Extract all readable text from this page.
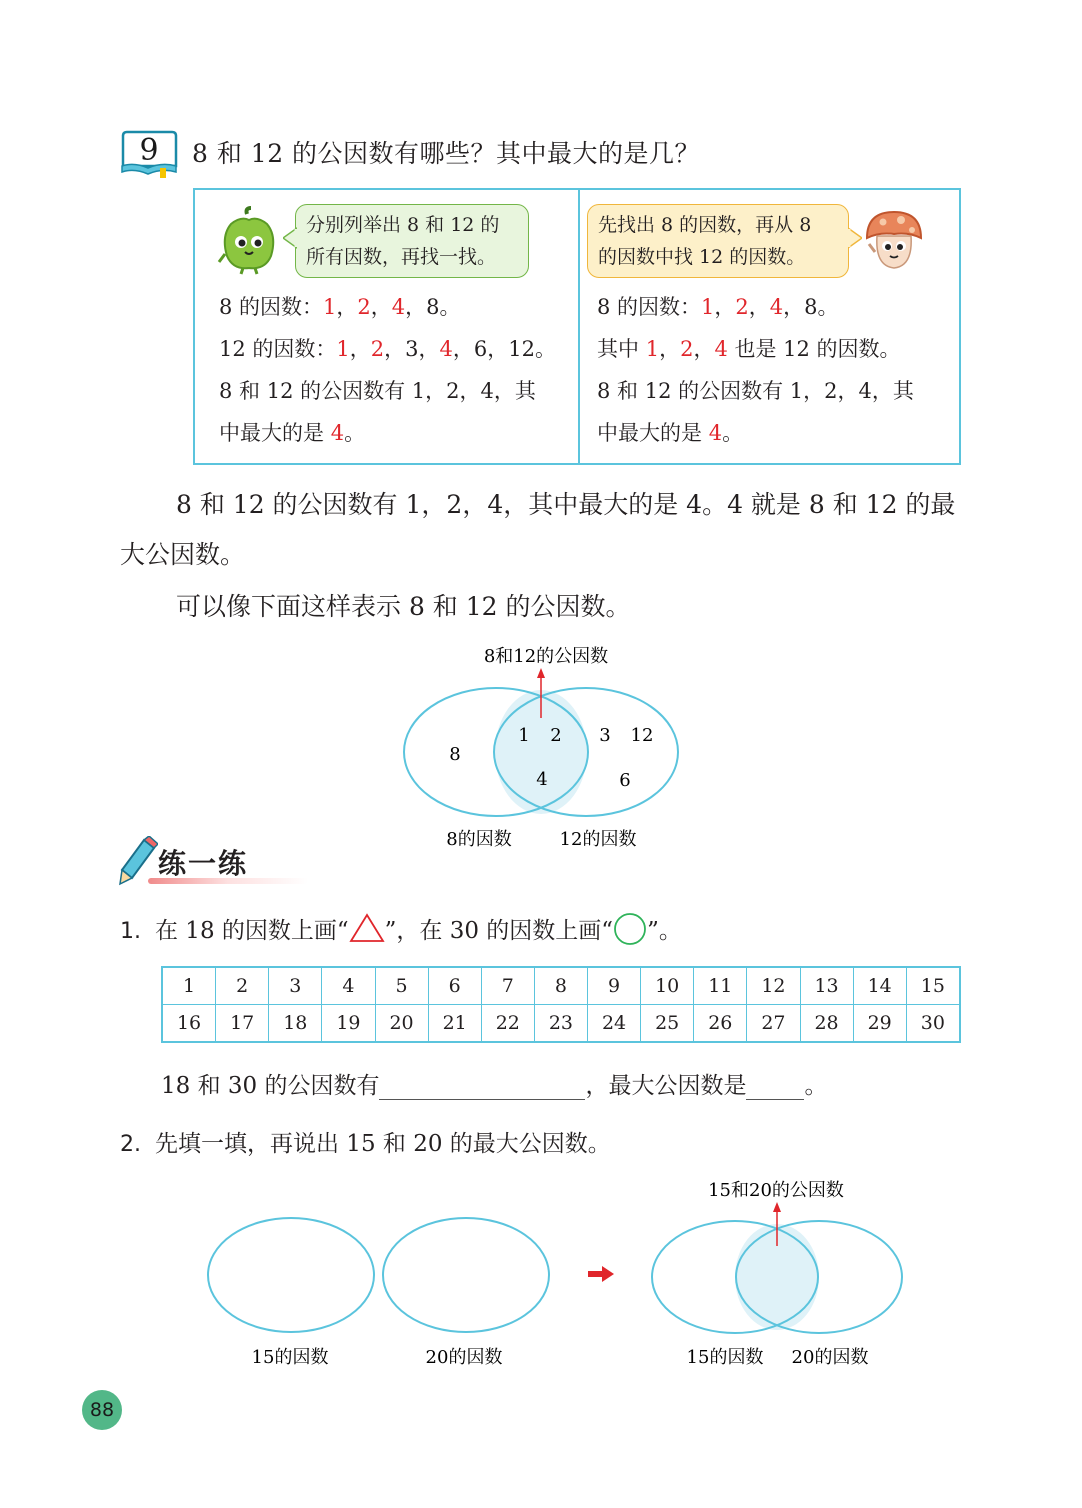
9 8 和 12 的公因数有哪些？其中最大的是几？
分别列举出 8 和 12 的
所有因数，再找一找。
8 的因数：1，2，4，8。
12 的因数：1，2，3，4，6，12。
8 和 12 的公因数有 1，2，4，其
中最大的是 4。
先找出 8 的因数，再从 8
的因数中找 12 的因数。
8 的因数：1，2，4，8。
其中 1，2，4 也是 12 的因数。
8 和 12 的公因数有 1，2，4，其
中最大的是 4。
8 和 12 的公因数有 1，2，4，其中最大的是 4。4 就是 8 和 12 的最
大公因数。
可以像下面这样表示 8 和 12 的公因数。
8和12的公因数
8
1 2
4
3 12
6
8的因数	12的因数
练一练
1. 在 18 的因数上画“ ”，在 30 的因数上画“ ”。
1	2	3	4	5	6	7	8	9	10	11	12	13	14	15
16	17	18	19	20	21	22	23	24	25	26	27	28	29	30
18 和 30 的公因数有	，最大公因数是	。
2. 先填一填，再说出 15 和 20 的最大公因数。
15的因数	20的因数
15和20的公因数
15的因数 20的因数
88
